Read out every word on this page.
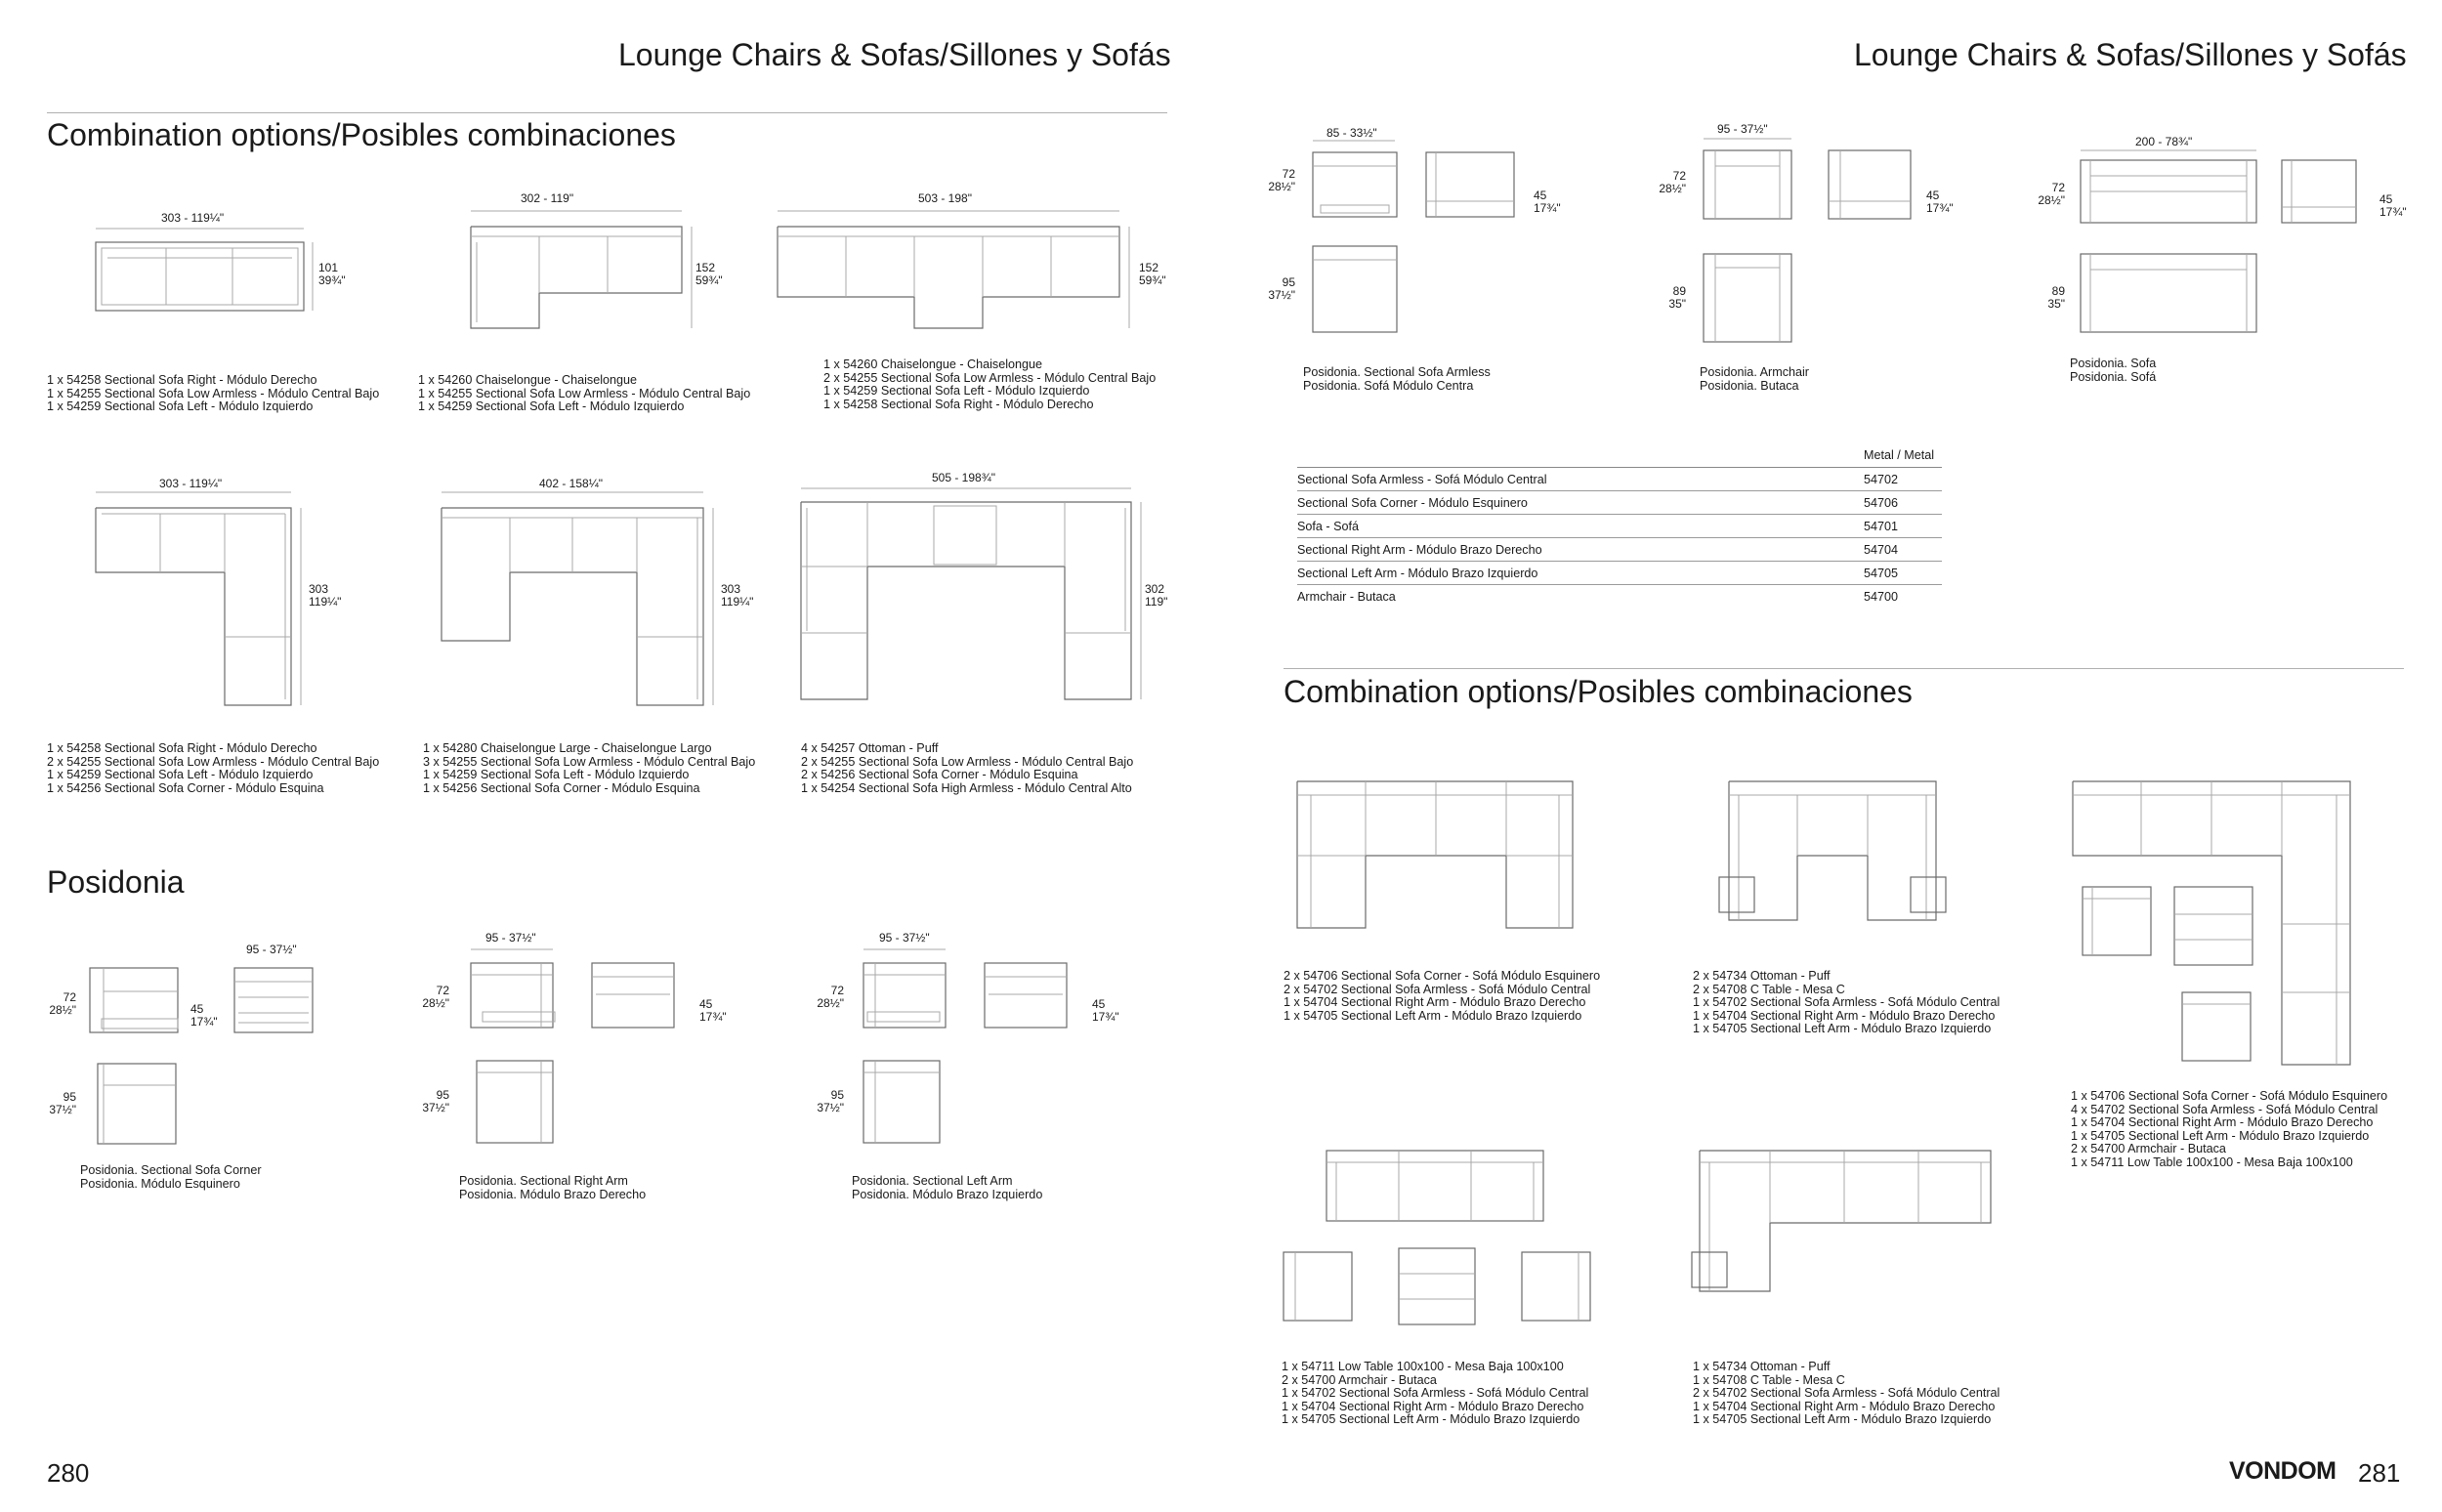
Lounge Chairs & Sofas/Sillones y Sofás	Lounge Chairs & Sofas/Sillones y Sofás
Combination options/Posibles combinaciones
Posidonia
Combination options/Posibles combinaciones
303 - 119¼"
101
39¾"
1 x 54258 Sectional Sofa Right - Módulo Derecho
1 x 54255 Sectional Sofa Low Armless - Módulo Central Bajo
1 x 54259 Sectional Sofa Left - Módulo Izquierdo
302 - 119"
152
59¾"
1 x 54260 Chaiselongue - Chaiselongue
1 x 54255 Sectional Sofa Low Armless - Módulo Central Bajo
1 x 54259 Sectional Sofa Left - Módulo Izquierdo
503 - 198"
152
59¾"
1 x 54260 Chaiselongue - Chaiselongue
2 x 54255 Sectional Sofa Low Armless - Módulo Central Bajo
1 x 54259 Sectional Sofa Left - Módulo Izquierdo
1 x 54258 Sectional Sofa Right - Módulo Derecho
303 - 119¼"
303
119¼"
1 x 54258 Sectional Sofa Right - Módulo Derecho
2 x 54255 Sectional Sofa Low Armless - Módulo Central Bajo
1 x 54259 Sectional Sofa Left - Módulo Izquierdo
1 x 54256 Sectional Sofa Corner - Módulo Esquina
402 - 158¼"
303
119¼"
1 x 54280 Chaiselongue Large - Chaiselongue Largo
3 x 54255 Sectional Sofa Low Armless - Módulo Central Bajo
1 x 54259 Sectional Sofa Left - Módulo Izquierdo
1 x 54256 Sectional Sofa Corner - Módulo Esquina
505 - 198¾"
302
119"
4 x 54257 Ottoman - Puff
2 x 54255 Sectional Sofa Low Armless - Módulo Central Bajo
2 x 54256 Sectional Sofa Corner - Módulo Esquina
1 x 54254 Sectional Sofa High Armless - Módulo Central Alto
95 - 37½"
72
28½"	45
17¾"
95
37½"
Posidonia. Sectional Sofa Corner
Posidonia. Módulo Esquinero
95 - 37½"
72
28½"	45
17¾"
95
37½"
Posidonia. Sectional Right Arm
Posidonia. Módulo Brazo Derecho
95 - 37½"
72
28½"	45
17¾"
95
37½"
Posidonia. Sectional Left Arm
Posidonia. Módulo Brazo Izquierdo
85 - 33½"
72
28½"
45
17¾"
95
37½"
Posidonia. Sectional Sofa Armless
Posidonia. Sofá Módulo Centra
95 - 37½"
72
28½"	45
17¾"
89
35"
Posidonia. Armchair
Posidonia. Butaca
200 - 78¾"
72
28½"	45
17¾"
89
35"
Posidonia. Sofa
Posidonia. Sofá
	Metal / Metal
Sectional Sofa Armless - Sofá Módulo Central	54702
Sectional Sofa Corner - Módulo Esquinero	54706
Sofa - Sofá	54701
Sectional Right Arm - Módulo Brazo Derecho	54704
Sectional Left Arm - Módulo Brazo Izquierdo	54705
Armchair - Butaca	54700
2 x 54706 Sectional Sofa Corner - Sofá Módulo Esquinero
2 x 54702 Sectional Sofa Armless - Sofá Módulo Central
1 x 54704 Sectional Right Arm - Módulo Brazo Derecho
1 x 54705 Sectional Left Arm - Módulo Brazo Izquierdo
2 x 54734 Ottoman - Puff
2 x 54708 C Table - Mesa C
1 x 54702 Sectional Sofa Armless - Sofá Módulo Central
1 x 54704 Sectional Right Arm - Módulo Brazo Derecho
1 x 54705 Sectional Left Arm - Módulo Brazo Izquierdo
1 x 54706 Sectional Sofa Corner - Sofá Módulo Esquinero
4 x 54702 Sectional Sofa Armless - Sofá Módulo Central
1 x 54704 Sectional Right Arm - Módulo Brazo Derecho
1 x 54705 Sectional Left Arm - Módulo Brazo Izquierdo
2 x 54700 Armchair - Butaca
1 x 54711 Low Table 100x100 - Mesa Baja 100x100
1 x 54711 Low Table 100x100 - Mesa Baja 100x100
2 x 54700 Armchair - Butaca
1 x 54702 Sectional Sofa Armless - Sofá Módulo Central
1 x 54704 Sectional Right Arm - Módulo Brazo Derecho
1 x 54705 Sectional Left Arm - Módulo Brazo Izquierdo
1 x 54734 Ottoman - Puff
1 x 54708 C Table - Mesa C
2 x 54702 Sectional Sofa Armless - Sofá Módulo Central
1 x 54704 Sectional Right Arm - Módulo Brazo Derecho
1 x 54705 Sectional Left Arm - Módulo Brazo Izquierdo
280	VONDOM 281
